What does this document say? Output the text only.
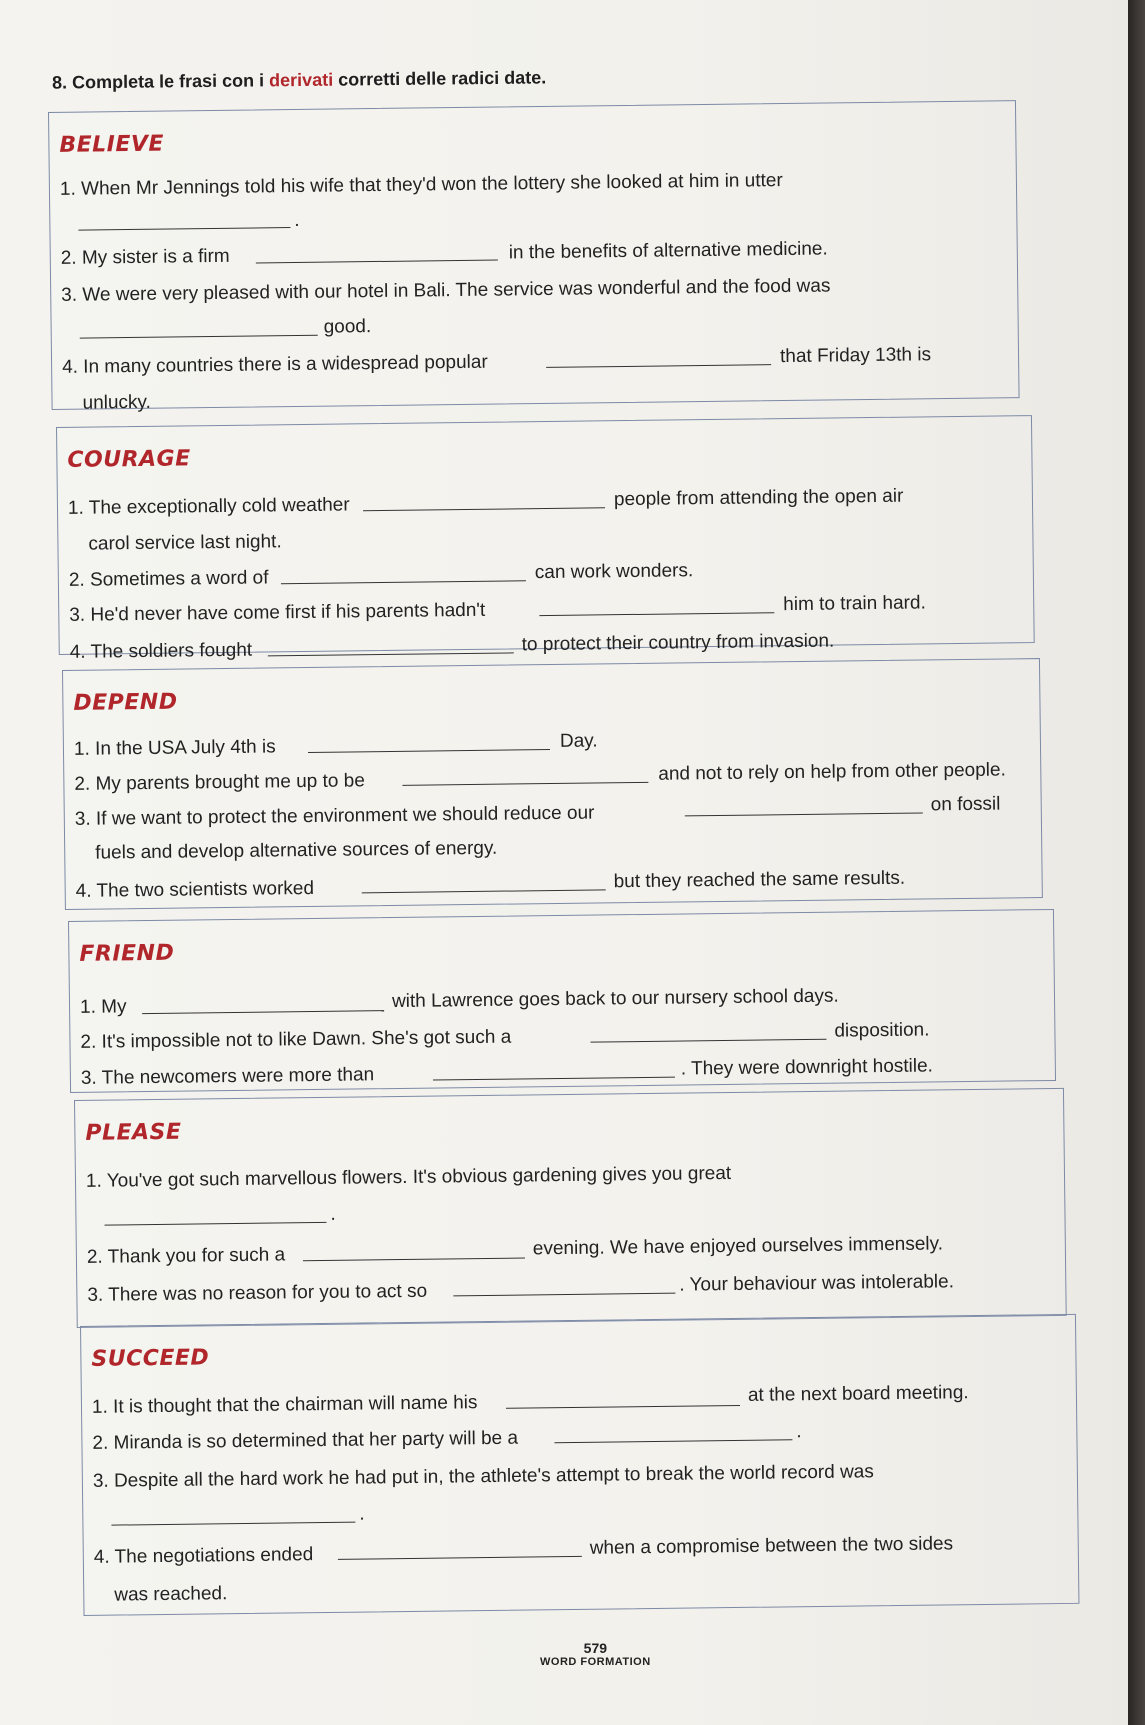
8. Completa le frasi con i derivati corretti delle radici date.
BELIEVE
1. When Mr Jennings told his wife that they'd won the lottery she looked at him in utter
.
2. My sister is a firm	in the benefits of alternative medicine.
3. We were very pleased with our hotel in Bali. The service was wonderful and the food was
good.
4. In many countries there is a widespread popular	that Friday 13th is
unlucky.
COURAGE
1. The exceptionally cold weather	people from attending the open air
carol service last night.
2. Sometimes a word of	can work wonders.
3. He'd never have come first if his parents hadn't	him to train hard.
4. The soldiers fought	to protect their country from invasion.
DEPEND
1. In the USA July 4th is	Day.
2. My parents brought me up to be	and not to rely on help from other people.
3. If we want to protect the environment we should reduce our	on fossil
fuels and develop alternative sources of energy.
4. The two scientists worked	but they reached the same results.
FRIEND
1. My	with Lawrence goes back to our nursery school days.
2. It's impossible not to like Dawn. She's got such a	disposition.
3. The newcomers were more than	. They were downright hostile.
PLEASE
1. You've got such marvellous flowers. It's obvious gardening gives you great
.
2. Thank you for such a	evening. We have enjoyed ourselves immensely.
3. There was no reason for you to act so	. Your behaviour was intolerable.
SUCCEED
1. It is thought that the chairman will name his	at the next board meeting.
2. Miranda is so determined that her party will be a	.
3. Despite all the hard work he had put in, the athlete's attempt to break the world record was
.
4. The negotiations ended	when a compromise between the two sides
was reached.
579
WORD FORMATION
